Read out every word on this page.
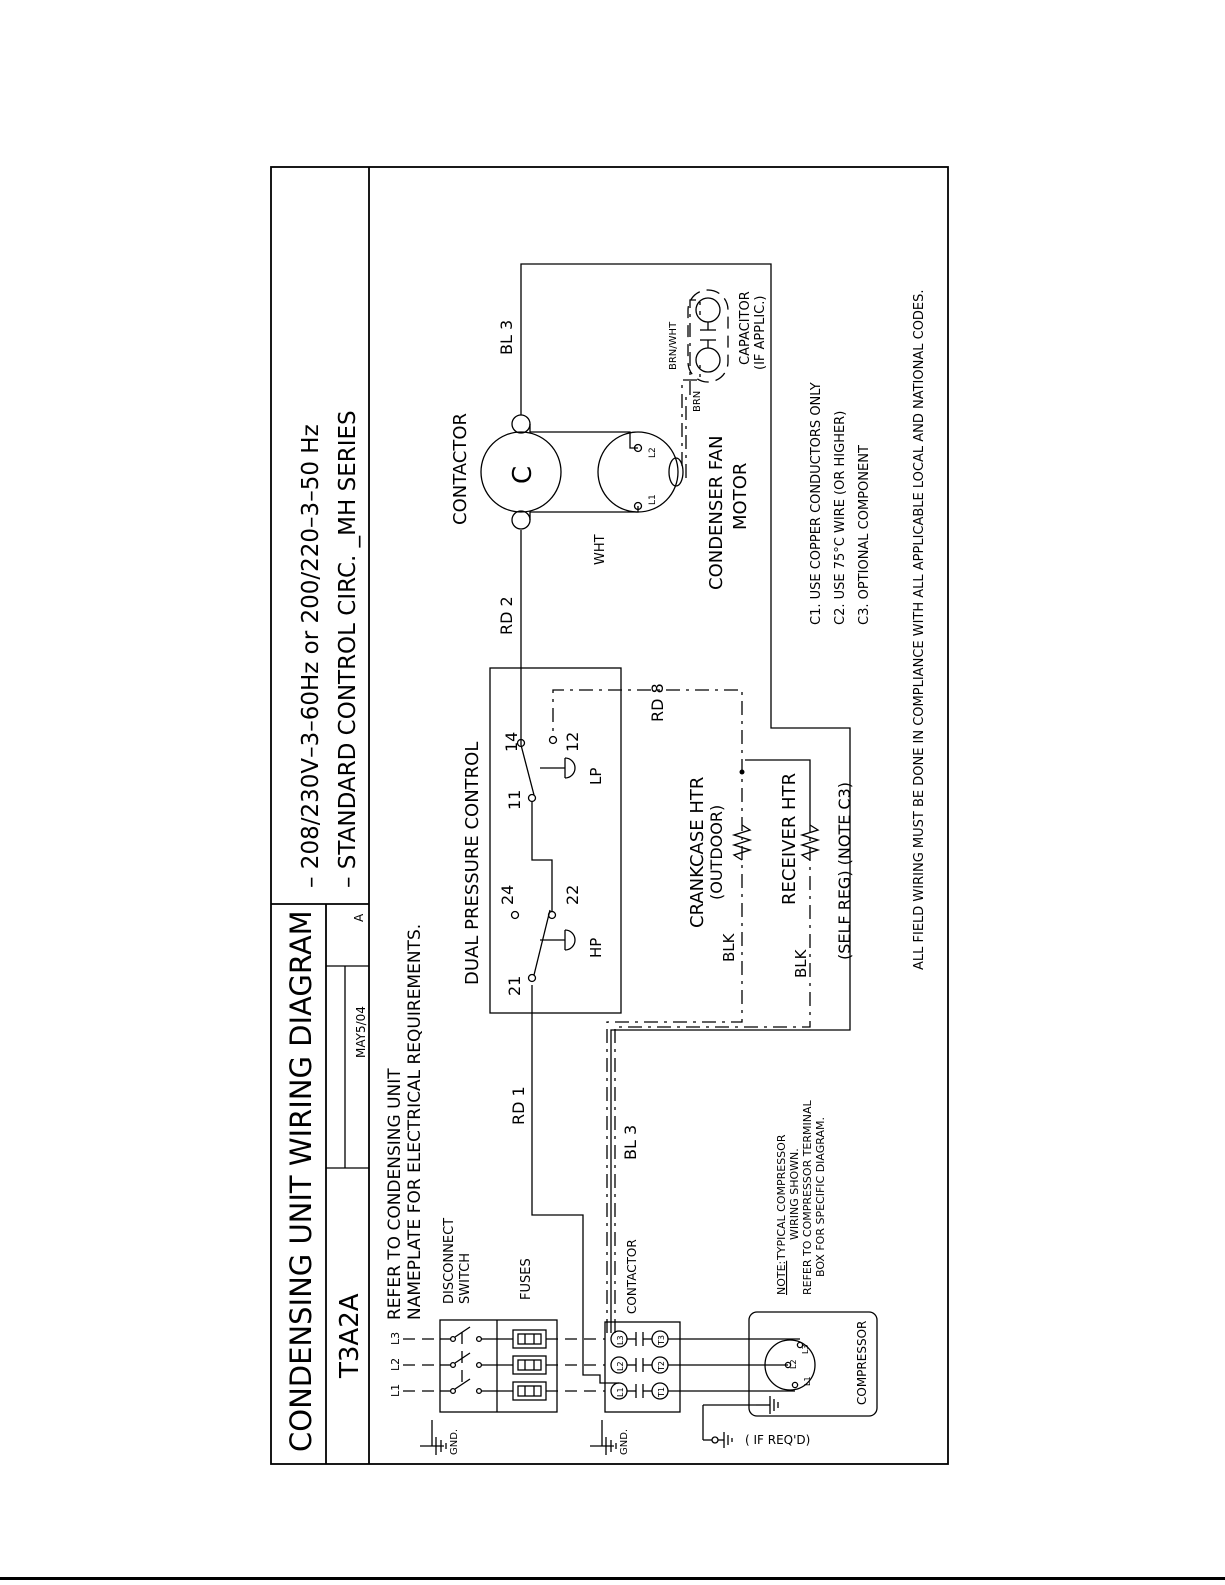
CONDENSING UNIT WIRING DIAGRAM T3A2A
MAY5/04
A
– 208/230V–3–60Hz or 200/220–3–50 Hz – STANDARD CONTROL CIRC. _MH SERIES
REFER TO CONDENSING UNIT NAMEPLATE FOR ELECTRICAL REQUIREMENTS.
GND.	GND.
L1
L2
L3
DISCONNECT SWITCH	FUSES	CONTACTOR
L1
L2
L3
T1
T2
T3
L1
L2
L3	COMPRESSOR
( IF REQ'D)
NOTE:
TYPICAL COMPRESSOR WIRING SHOWN. REFER TO COMPRESSOR TERMINAL BOX FOR SPECIFIC DIAGRAM.
RD 1
BL 3
RD 2
RD 8
BL 3
DUAL PRESSURE CONTROL
21
24	22
11
14	12
HP
LP
CRANKCASE HTR (OUTDOOR)
BLK
RECEIVER HTR
BLK
(SELF REG) (NOTE C3)
C
CONTACTOR	L2
L1
WHT	CONDENSER FAN MOTOR
BRN
BRN/WHT	CAPACITOR (IF APPLIC.)
C1. USE COPPER CONDUCTORS ONLY C2. USE 75°C WIRE (OR HIGHER) C3. OPTIONAL COMPONENT	ALL FIELD WIRING MUST BE DONE IN COMPLIANCE WITH ALL APPLICABLE LOCAL AND NATIONAL CODES.
